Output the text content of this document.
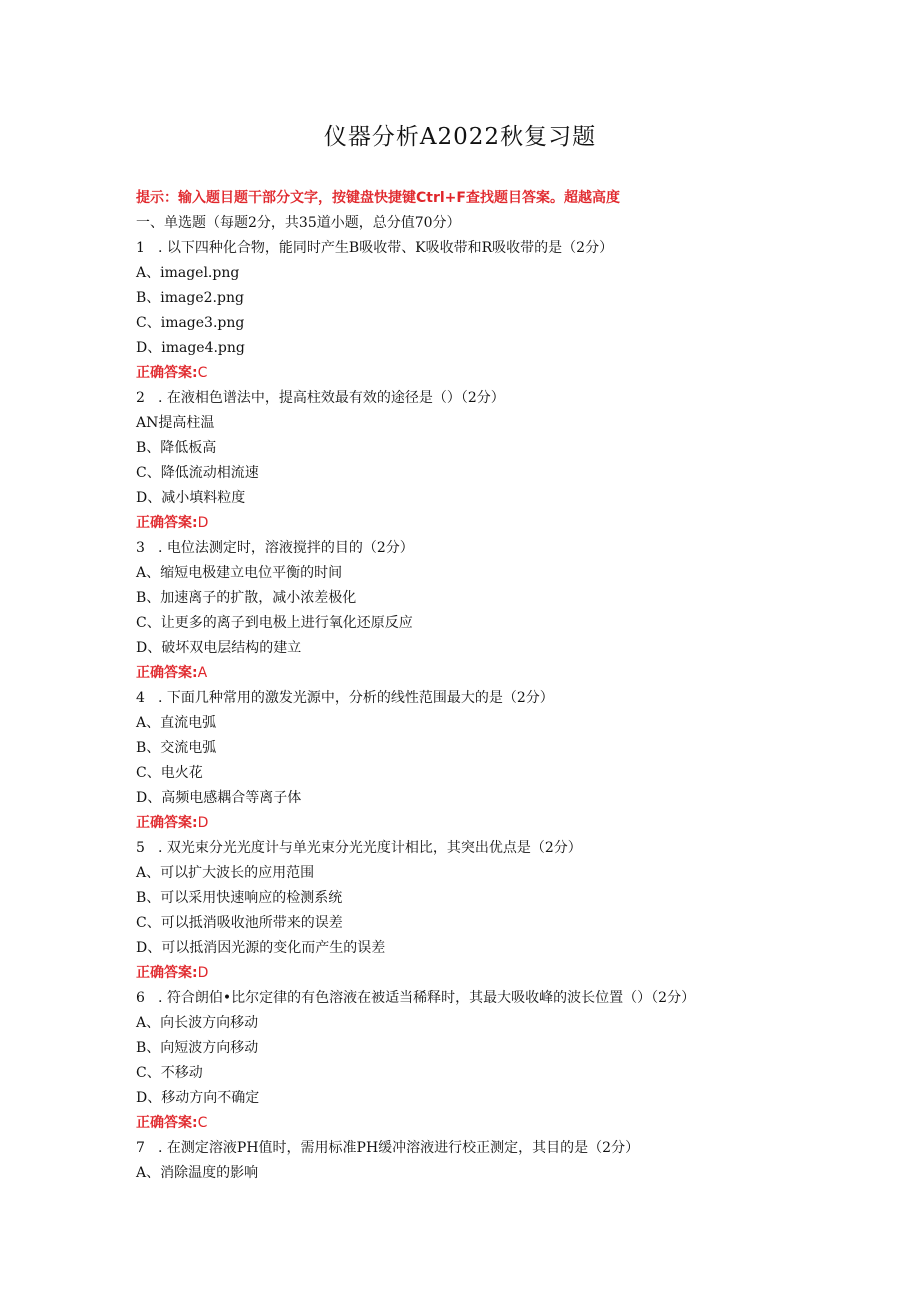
仪器分析A2022秋复习题
提示：输入题目题干部分文字，按键盘快捷键Ctrl+F查找题目答案。超越高度
一、单选题（每题2分，共35道小题，总分值70分）
1 . 以下四种化合物，能同时产生B吸收带、K吸收带和R吸收带的是（2分）
A、imagel.png
B、image2.png
C、image3.png
D、image4.png
正确答案:C
2 . 在液相色谱法中，提高柱效最有效的途径是（）（2分）
AN提高柱温
B、降低板高
C、降低流动相流速
D、减小填料粒度
正确答案:D
3 . 电位法测定时，溶液搅拌的目的（2分）
A、缩短电极建立电位平衡的时间
B、加速离子的扩散，减小浓差极化
C、让更多的离子到电极上进行氧化还原反应
D、破坏双电层结构的建立
正确答案:A
4 . 下面几种常用的激发光源中，分析的线性范围最大的是（2分）
A、直流电弧
B、交流电弧
C、电火花
D、高频电感耦合等离子体
正确答案:D
5 . 双光束分光光度计与单光束分光光度计相比，其突出优点是（2分）
A、可以扩大波长的应用范围
B、可以采用快速响应的检测系统
C、可以抵消吸收池所带来的误差
D、可以抵消因光源的变化而产生的误差
正确答案:D
6 . 符合朗伯•比尔定律的有色溶液在被适当稀释时，其最大吸收峰的波长位置（）（2分）
A、向长波方向移动
B、向短波方向移动
C、不移动
D、移动方向不确定
正确答案:C
7 . 在测定溶液PH值时，需用标准PH缓冲溶液进行校正测定，其目的是（2分）
A、消除温度的影响
